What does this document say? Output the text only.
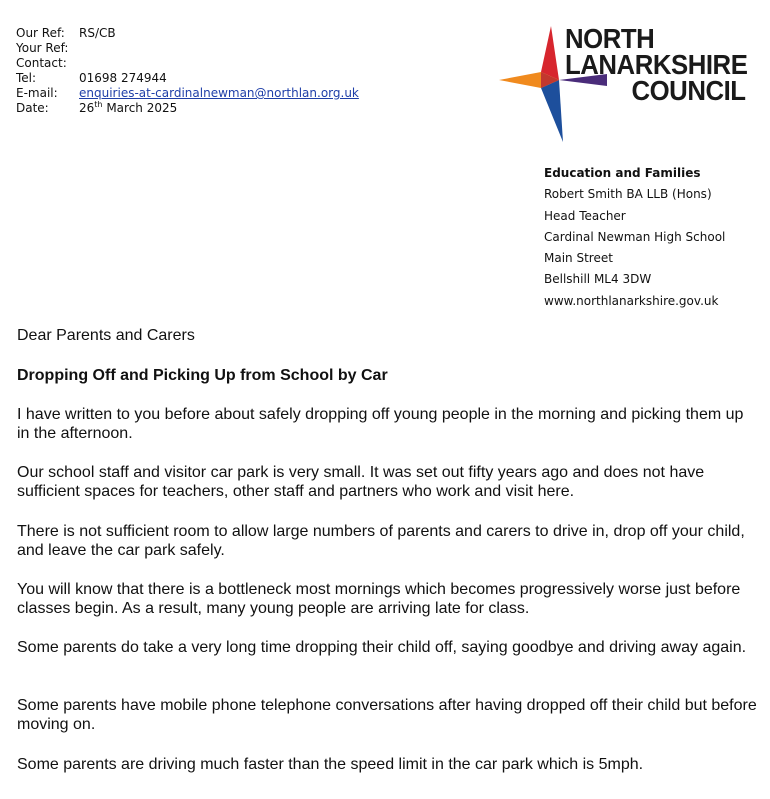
Our Ref:	RS/CB
Your Ref:
Contact:
Tel:	01698 274944
E-mail:	enquiries-at-cardinalnewman@northlan.org.uk
Date:	26th March 2025
NORTH
LANARKSHIRE
COUNCIL
Education and Families
Robert Smith BA LLB (Hons)
Head Teacher
Cardinal Newman High School
Main Street
Bellshill ML4 3DW
www.northlanarkshire.gov.uk
Dear Parents and Carers
Dropping Off and Picking Up from School by Car

I have written to you before about safely dropping off young people in the morning and picking them up in the afternoon.

Our school staff and visitor car park is very small. It was set out fifty years ago and does not have sufficient spaces for teachers, other staff and partners who work and visit here.

There is not sufficient room to allow large numbers of parents and carers to drive in, drop off your child, and leave the car park safely.

You will know that there is a bottleneck most mornings which becomes progressively worse just before classes begin. As a result, many young people are arriving late for class.

Some parents do take a very long time dropping their child off, saying goodbye and driving away again.

Some parents have mobile phone telephone conversations after having dropped off their child but before moving on.

Some parents are driving much faster than the speed limit in the car park which is 5mph.
